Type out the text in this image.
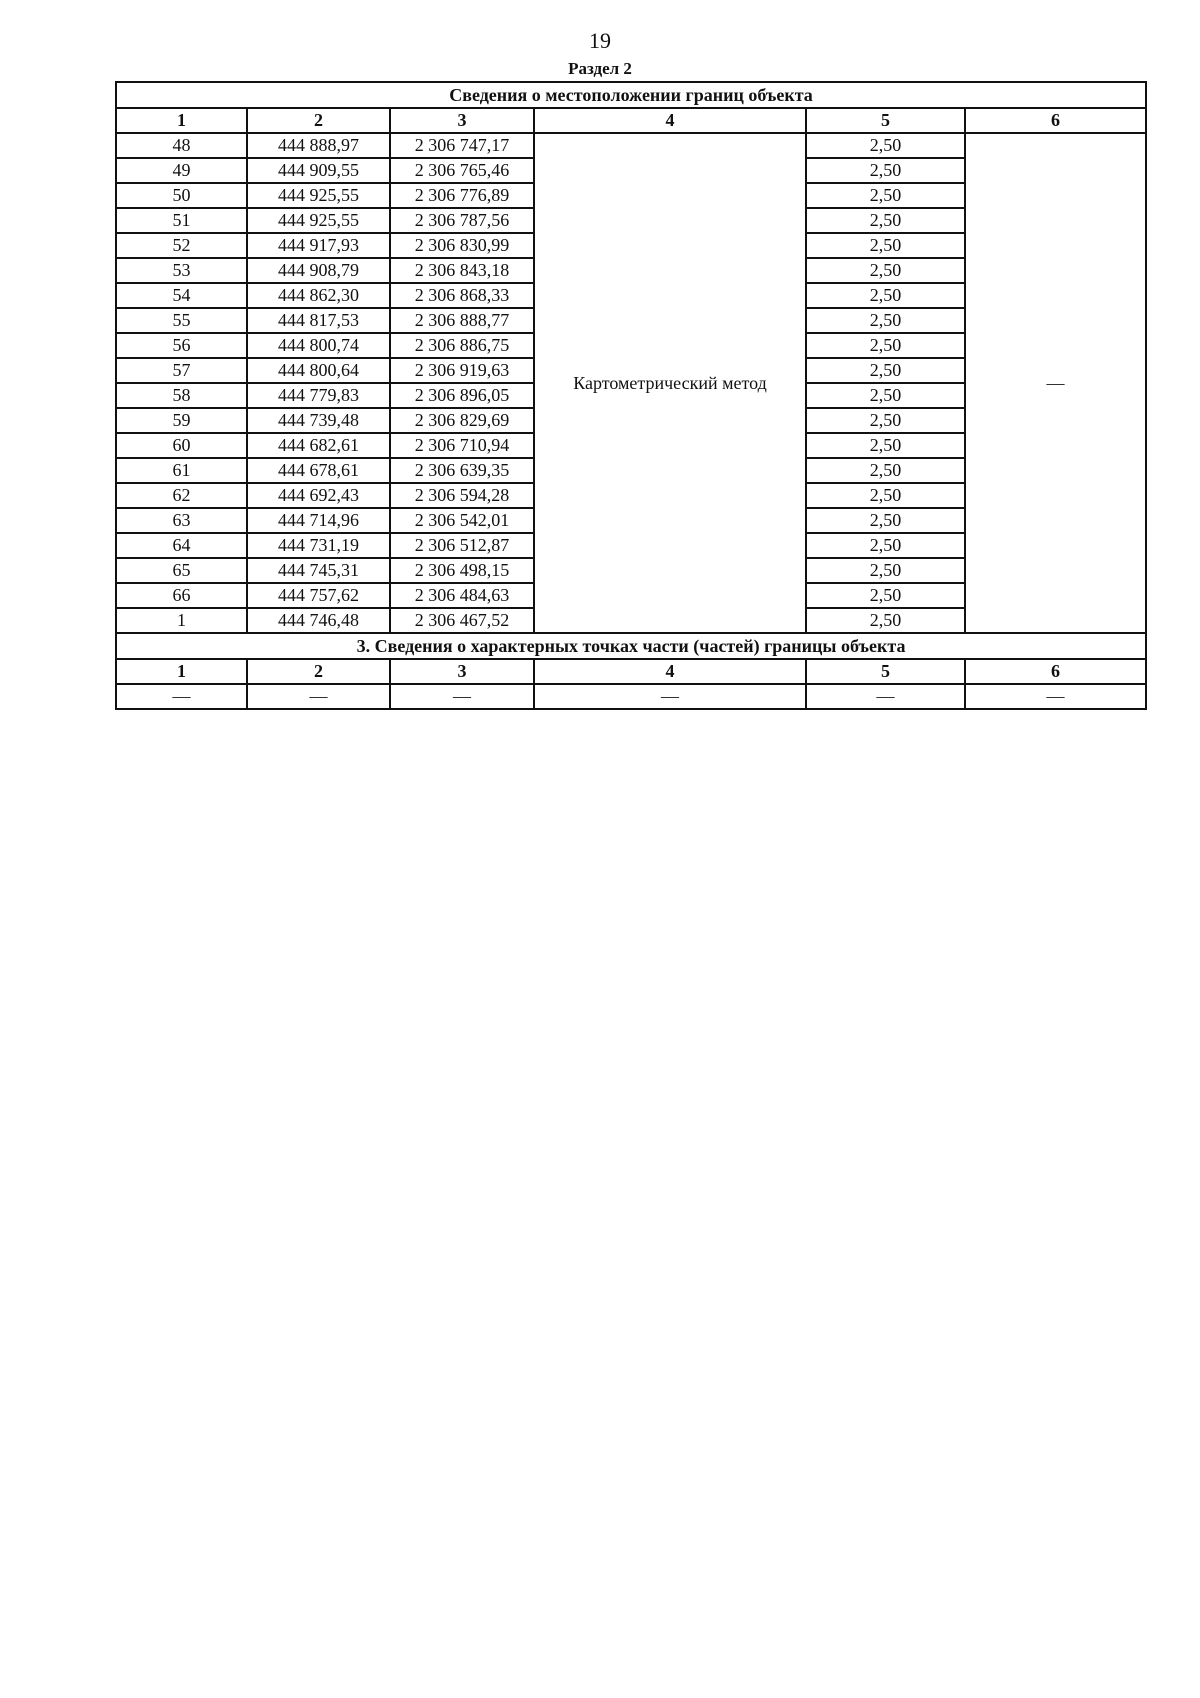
19
Раздел 2
Сведения о местоположении границ объекта					
1	2	3	4	5	6
48	444 888,97	2 306 747,17	Картометрический метод	2,50	—
49	444 909,55	2 306 765,46		2,50	
50	444 925,55	2 306 776,89		2,50	
51	444 925,55	2 306 787,56		2,50	
52	444 917,93	2 306 830,99		2,50	
53	444 908,79	2 306 843,18		2,50	
54	444 862,30	2 306 868,33		2,50	
55	444 817,53	2 306 888,77		2,50	
56	444 800,74	2 306 886,75		2,50	
57	444 800,64	2 306 919,63		2,50	
58	444 779,83	2 306 896,05		2,50	
59	444 739,48	2 306 829,69		2,50	
60	444 682,61	2 306 710,94		2,50	
61	444 678,61	2 306 639,35		2,50	
62	444 692,43	2 306 594,28		2,50	
63	444 714,96	2 306 542,01		2,50	
64	444 731,19	2 306 512,87		2,50	
65	444 745,31	2 306 498,15		2,50	
66	444 757,62	2 306 484,63		2,50	
1	444 746,48	2 306 467,52		2,50	
3. Сведения о характерных точках части (частей) границы объекта					
1	2	3	4	5	6
—	—	—	—	—	—
